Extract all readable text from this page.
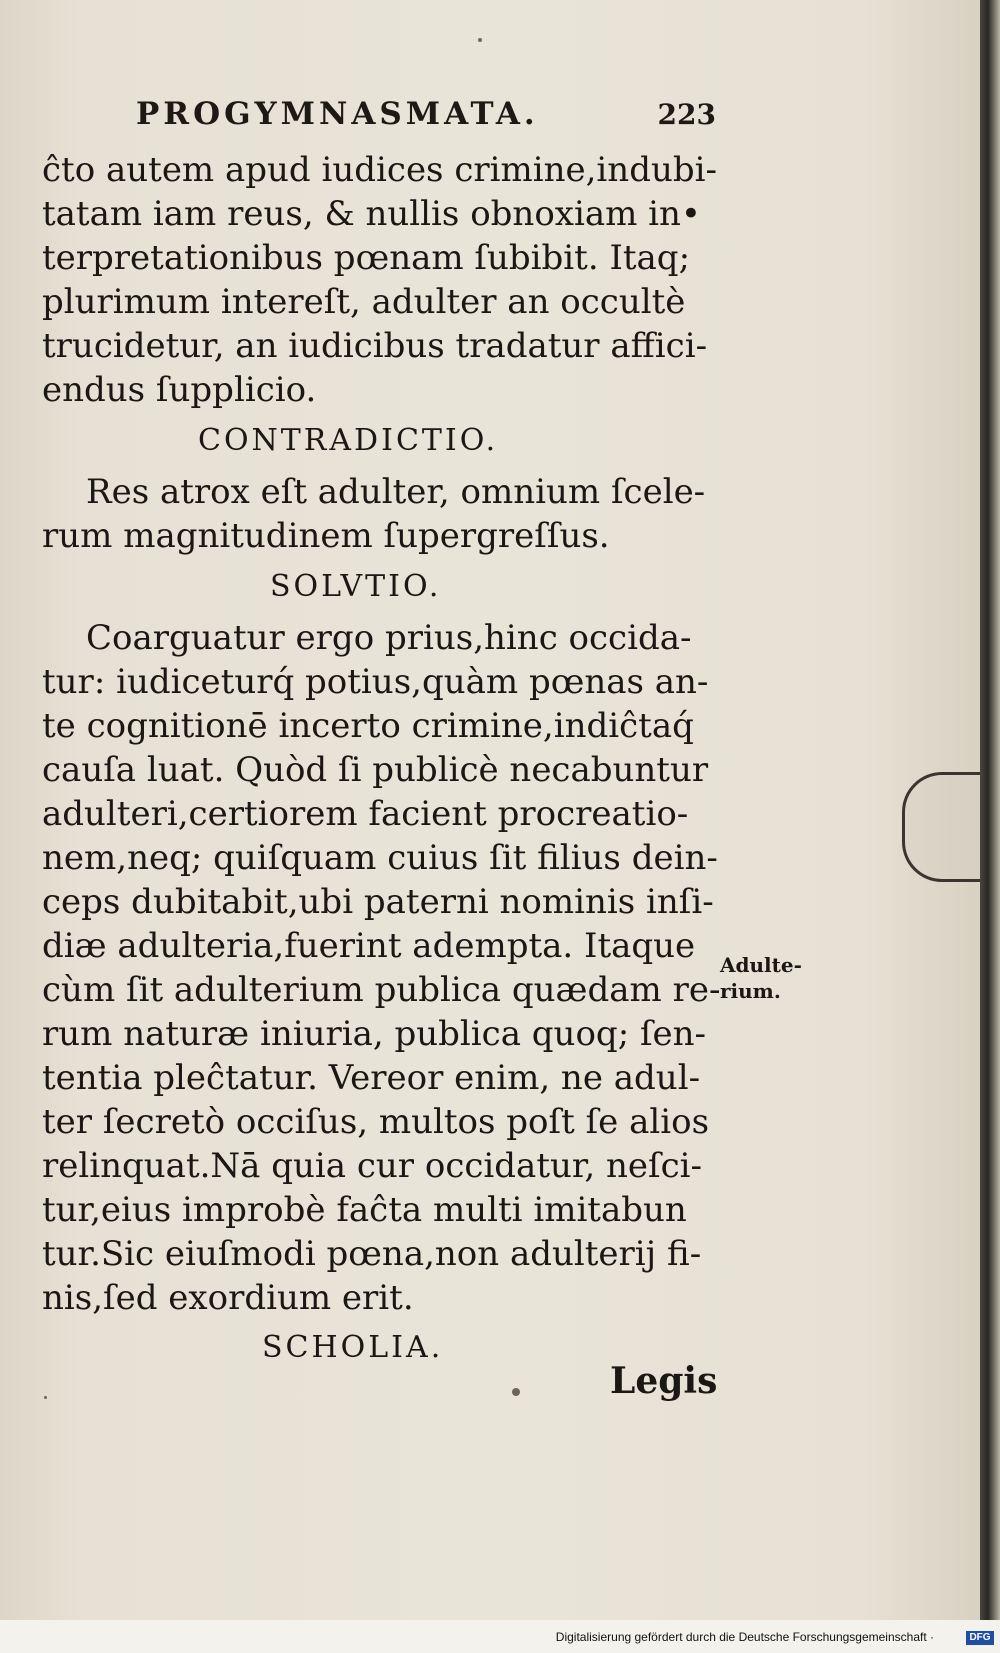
PROGYMNASMATA.	223
ĉto autem apud iudices crimine,indubi-
tatam iam reus, & nullis obnoxiam in•
terpretationibus pœnam ſubibit. Itaq;
plurimum intereſt, adulter an occultè
trucidetur, an iudicibus tradatur affici-
endus ſupplicio.
CONTRADICTIO.
Res atrox eſt adulter, omnium ſcele-
rum magnitudinem ſupergreſſus.
SOLVTIO.
Coarguatur ergo prius,hinc occida-
tur: iudiceturq́ potius,quàm pœnas an-
te cognitionē incerto crimine,indiĉtaq́
cauſa luat. Quòd ſi publicè necabuntur
adulteri,certiorem facient procreatio-
nem,neq; quiſquam cuius ſit filius dein-
ceps dubitabit,ubi paterni nominis inſi-
diæ adulteria,fuerint adempta. Itaque
cùm ſit adulterium publica quædam re-
rum naturæ iniuria, publica quoq; ſen-
tentia pleĉtatur. Vereor enim, ne adul-
ter ſecretò occiſus, multos poſt ſe alios
relinquat.Nā quia cur occidatur, neſci-
tur,eius improbè faĉta multi imitabun
tur.Sic eiuſmodi pœna,non adulterij fi-
nis,ſed exordium erit.
Adulte-
rium.
SCHOLIA.
Legis
Digitalisierung gefördert durch die Deutsche Forschungsgemeinschaft ·	DFG
